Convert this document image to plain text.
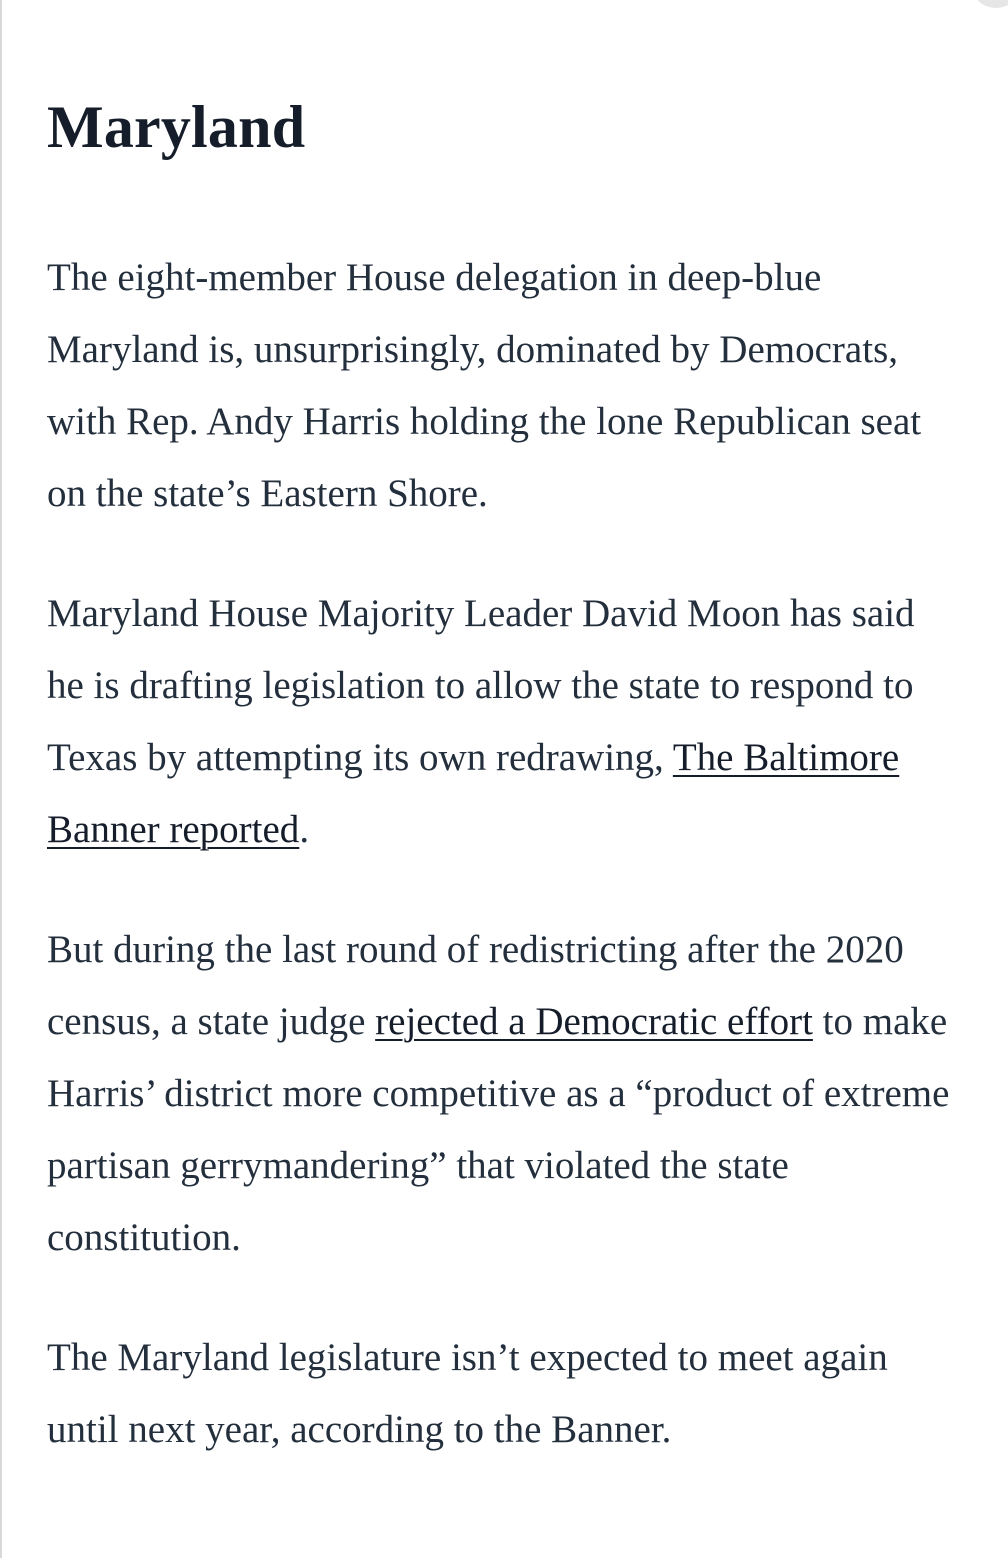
Maryland

The eight-member House delegation in deep-blue Maryland is, unsurprisingly, dominated by Democrats, with Rep. Andy Harris holding the lone Republican seat on the state’s Eastern Shore.

Maryland House Majority Leader David Moon has said he is drafting legislation to allow the state to respond to Texas by attempting its own redrawing, The Baltimore Banner reported.

But during the last round of redistricting after the 2020 census, a state judge rejected a Democratic effort to make Harris’ district more competitive as a “product of extreme partisan gerrymandering” that violated the state constitution.

The Maryland legislature isn’t expected to meet again until next year, according to the Banner.
